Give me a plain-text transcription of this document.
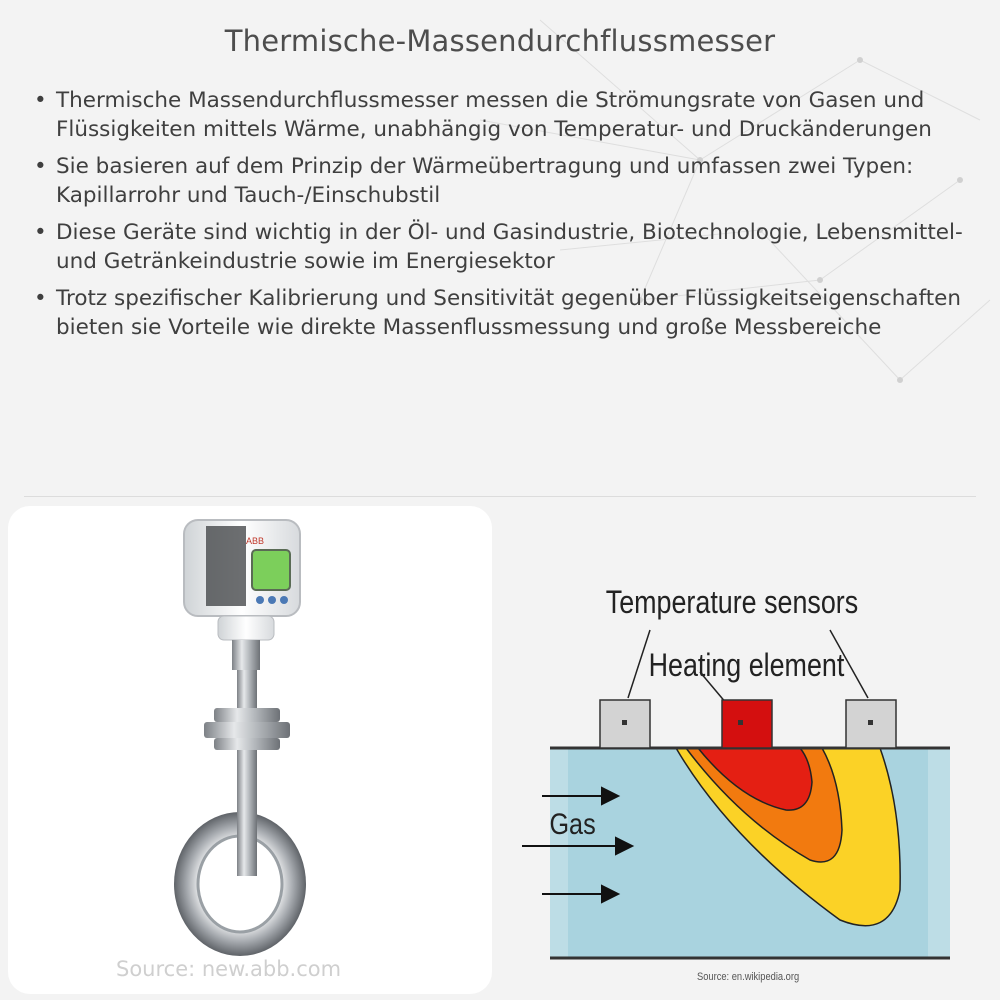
Thermische-Massendurchflussmesser
• Thermische Massendurchflussmesser messen die Strömungsrate von Gasen und Flüssigkeiten mittels Wärme, unabhängig von Temperatur- und Druckänderungen
• Sie basieren auf dem Prinzip der Wärmeübertragung und umfassen zwei Typen: Kapillarrohr und Tauch-/Einschubstil
• Diese Geräte sind wichtig in der Öl- und Gasindustrie, Biotechnologie, Lebensmittel- und Getränkeindustrie sowie im Energiesektor
• Trotz spezifischer Kalibrierung und Sensitivität gegenüber Flüssigkeitseigenschaften bieten sie Vorteile wie direkte Massenflussmessung und große Messbereiche
ABB
Source: new.abb.com
Temperature sensors
Heating element
Gas
Source: en.wikipedia.org
